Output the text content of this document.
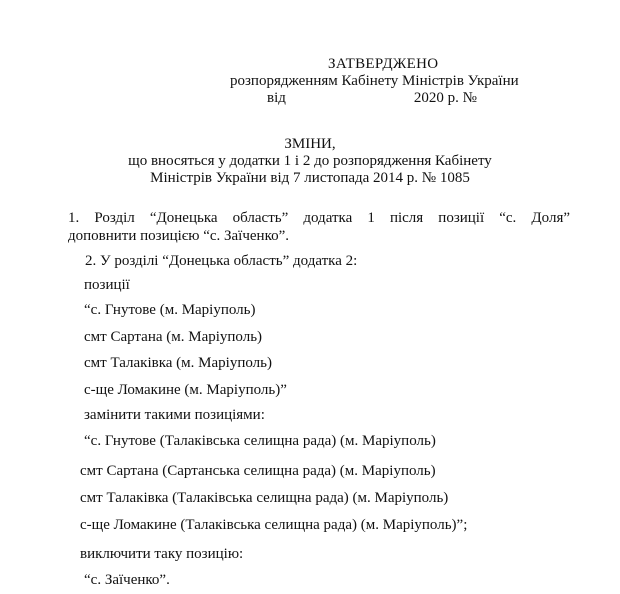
ЗАТВЕРДЖЕНО
розпорядженням Кабінету Міністрів України
від	2020 р. №
ЗМІНИ,
що вносяться у додатки 1 і 2 до розпорядження Кабінету
Міністрів України від 7 листопада 2014 р. № 1085
1. Розділ “Донецька область” додатка 1 після позиції “с. Доля”
доповнити позицією “с. Заїченко”.
2. У розділі “Донецька область” додатка 2:
позиції
“с. Гнутове (м. Маріуполь)
смт Сартана (м. Маріуполь)
смт Талаківка (м. Маріуполь)
с-ще Ломакине (м. Маріуполь)”
замінити такими позиціями:
“с. Гнутове (Талаківська селищна рада) (м. Маріуполь)
смт Сартана (Сартанська селищна рада) (м. Маріуполь)
смт Талаківка (Талаківська селищна рада) (м. Маріуполь)
с-ще Ломакине (Талаківська селищна рада) (м. Маріуполь)”;
виключити таку позицію:
“с. Заїченко”.
